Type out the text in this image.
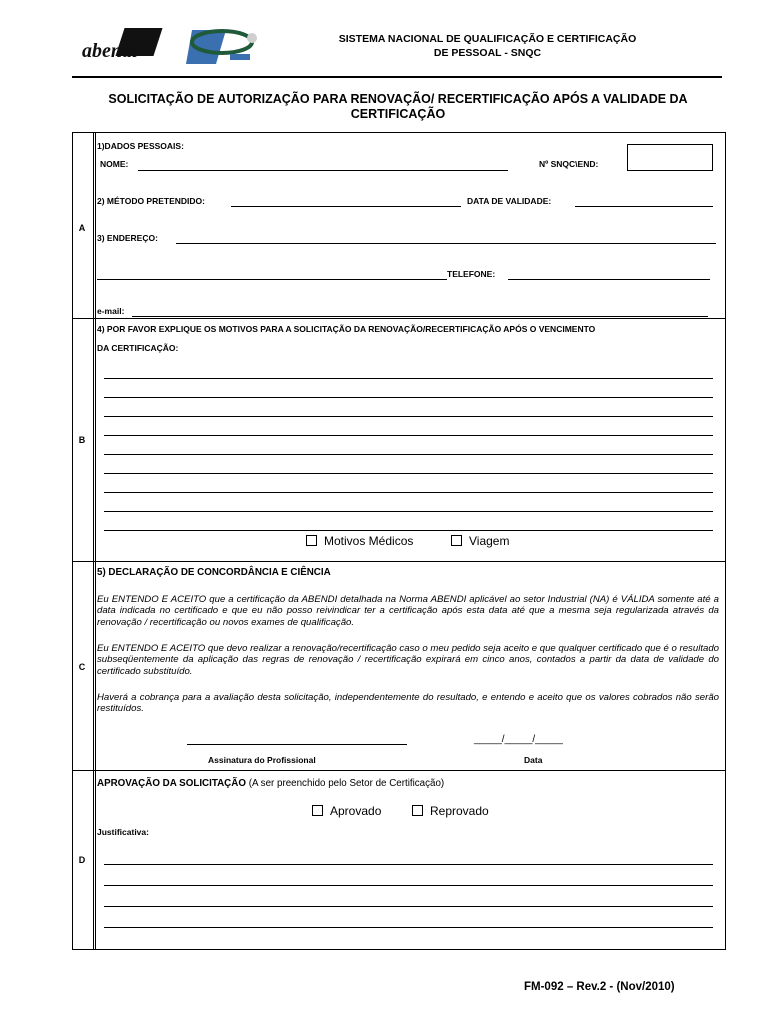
abendi
SNQC
SISTEMA NACIONAL DE QUALIFICAÇÃO E CERTIFICAÇÃO
DE PESSOAL - SNQC
SOLICITAÇÃO DE AUTORIZAÇÃO PARA RENOVAÇÃO/ RECERTIFICAÇÃO APÓS A VALIDADE DA
CERTIFICAÇÃO
A
1)DADOS PESSOAIS:
NOME:	Nº SNQC\END:
2) MÉTODO PRETENDIDO:	DATA DE VALIDADE:
3) ENDEREÇO:
TELEFONE:
e-mail:
B
4) POR FAVOR EXPLIQUE OS MOTIVOS PARA A SOLICITAÇÃO DA RENOVAÇÃO/RECERTIFICAÇÃO APÓS O VENCIMENTO
DA CERTIFICAÇÃO:
Motivos Médicos	Viagem
C
5) DECLARAÇÃO DE CONCORDÂNCIA E CIÊNCIA
Eu ENTENDO E ACEITO que a certificação da ABENDI detalhada na Norma ABENDI aplicável ao setor Industrial (NA) é VÁLIDA somente até a data indicada no certificado e que eu não posso reivindicar ter a certificação após esta data até que a mesma seja regularizada através da renovação / recertificação ou novos exames de qualificação.
Eu ENTENDO E ACEITO que devo realizar a renovação/recertificação caso o meu pedido seja aceito e que qualquer certificado que é o resultado subseqüentemente da aplicação das regras de renovação / recertificação expirará em cinco anos, contados a partir da data de validade do certificado substituído.
Haverá a cobrança para a avaliação desta solicitação, independentemente do resultado, e entendo e aceito que os valores cobrados não serão restituídos.
_____/_____/_____
Assinatura do Profissional	Data
D
APROVAÇÃO DA SOLICITAÇÃO (A ser preenchido pelo Setor de Certificação)
Aprovado	Reprovado
Justificativa:
FM-092 – Rev.2 - (Nov/2010)
